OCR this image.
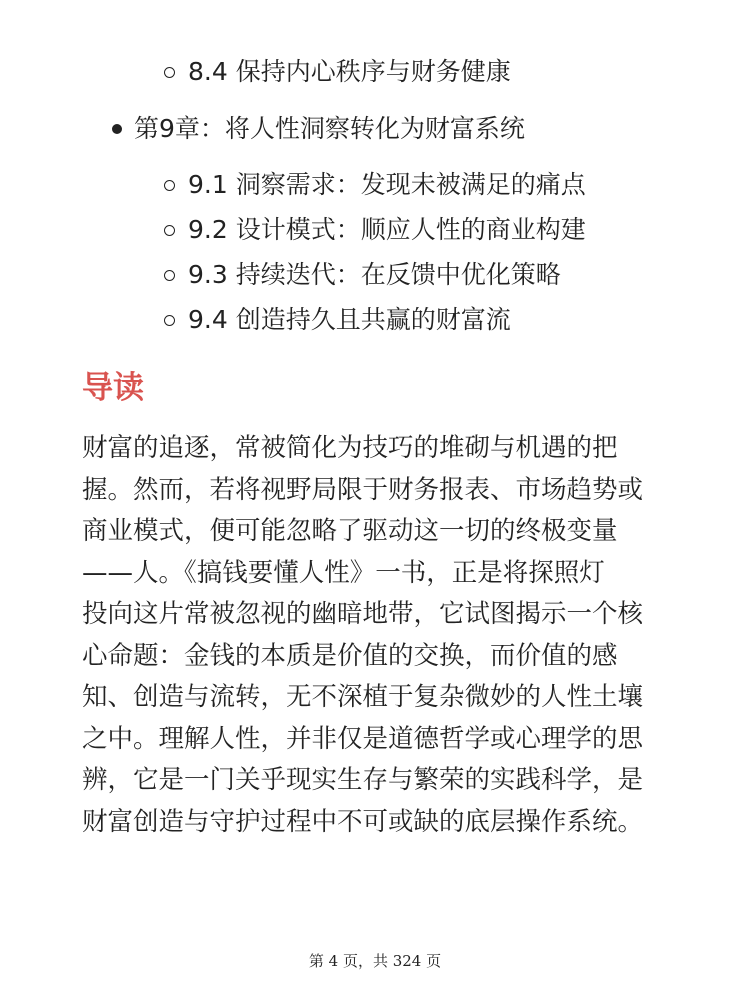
8.4 保持内心秩序与财务健康
第9章：将人性洞察转化为财富系统
9.1 洞察需求：发现未被满足的痛点
9.2 设计模式：顺应人性的商业构建
9.3 持续迭代：在反馈中优化策略
9.4 创造持久且共赢的财富流
导读
财富的追逐，常被简化为技巧的堆砌与机遇的把
握。然而，若将视野局限于财务报表、市场趋势或
商业模式，便可能忽略了驱动这一切的终极变量
——人。《搞钱要懂人性》一书，正是将探照灯
投向这片常被忽视的幽暗地带，它试图揭示一个核
心命题：金钱的本质是价值的交换，而价值的感
知、创造与流转，无不深植于复杂微妙的人性土壤
之中。理解人性，并非仅是道德哲学或心理学的思
辨，它是一门关乎现实生存与繁荣的实践科学，是
财富创造与守护过程中不可或缺的底层操作系统。
第 4 页，共 324 页
